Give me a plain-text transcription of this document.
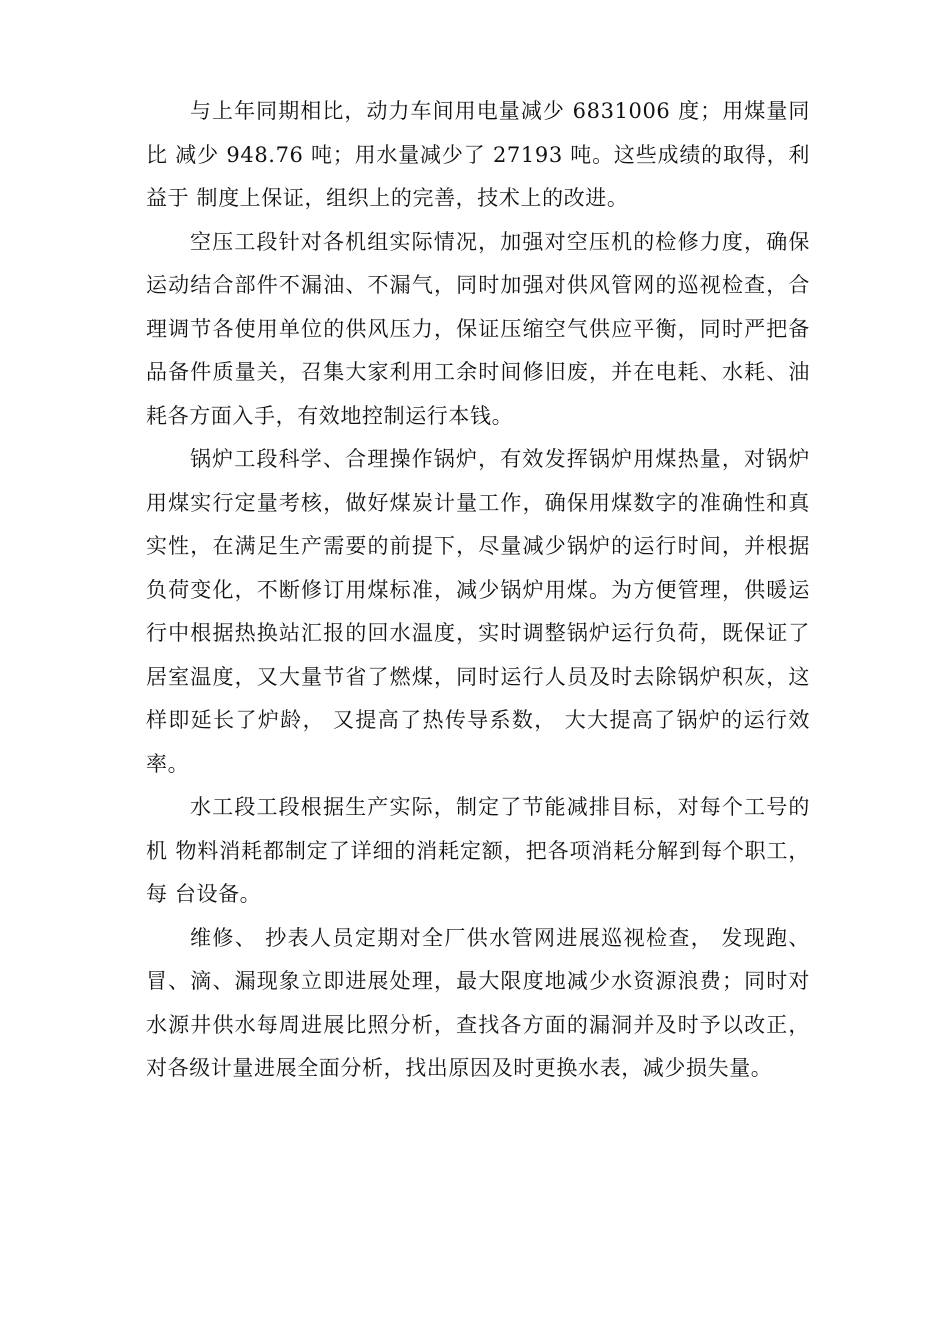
与上年同期相比，动力车间用电量减少 6831006 度；用煤量同比 减少 948.76 吨；用水量减少了 27193 吨。这些成绩的取得，利益于 制度上保证，组织上的完善，技术上的改进。

空压工段针对各机组实际情况，加强对空压机的检修力度，确保 运动结合部件不漏油、不漏气，同时加强对供风管网的巡视检查，合 理调节各使用单位的供风压力，保证压缩空气供应平衡，同时严把备 品备件质量关，召集大家利用工余时间修旧废，并在电耗、水耗、油 耗各方面入手，有效地控制运行本钱。

锅炉工段科学、合理操作锅炉，有效发挥锅炉用煤热量，对锅炉 用煤实行定量考核，做好煤炭计量工作，确保用煤数字的准确性和真 实性，在满足生产需要的前提下，尽量减少锅炉的运行时间，并根据 负荷变化，不断修订用煤标准，减少锅炉用煤。为方便管理，供暖运 行中根据热换站汇报的回水温度，实时调整锅炉运行负荷，既保证了 居室温度，又大量节省了燃煤，同时运行人员及时去除锅炉积灰，这 样即延长了炉龄， 又提高了热传导系数， 大大提高了锅炉的运行效率。

水工段工段根据生产实际，制定了节能减排目标，对每个工号的机 物料消耗都制定了详细的消耗定额，把各项消耗分解到每个职工，每 台设备。

维修、 抄表人员定期对全厂供水管网进展巡视检查， 发现跑、 冒、滴、漏现象立即进展处理，最大限度地减少水资源浪费；同时对 水源井供水每周进展比照分析，查找各方面的漏洞并及时予以改正， 对各级计量进展全面分析，找出原因及时更换水表，减少损失量。
